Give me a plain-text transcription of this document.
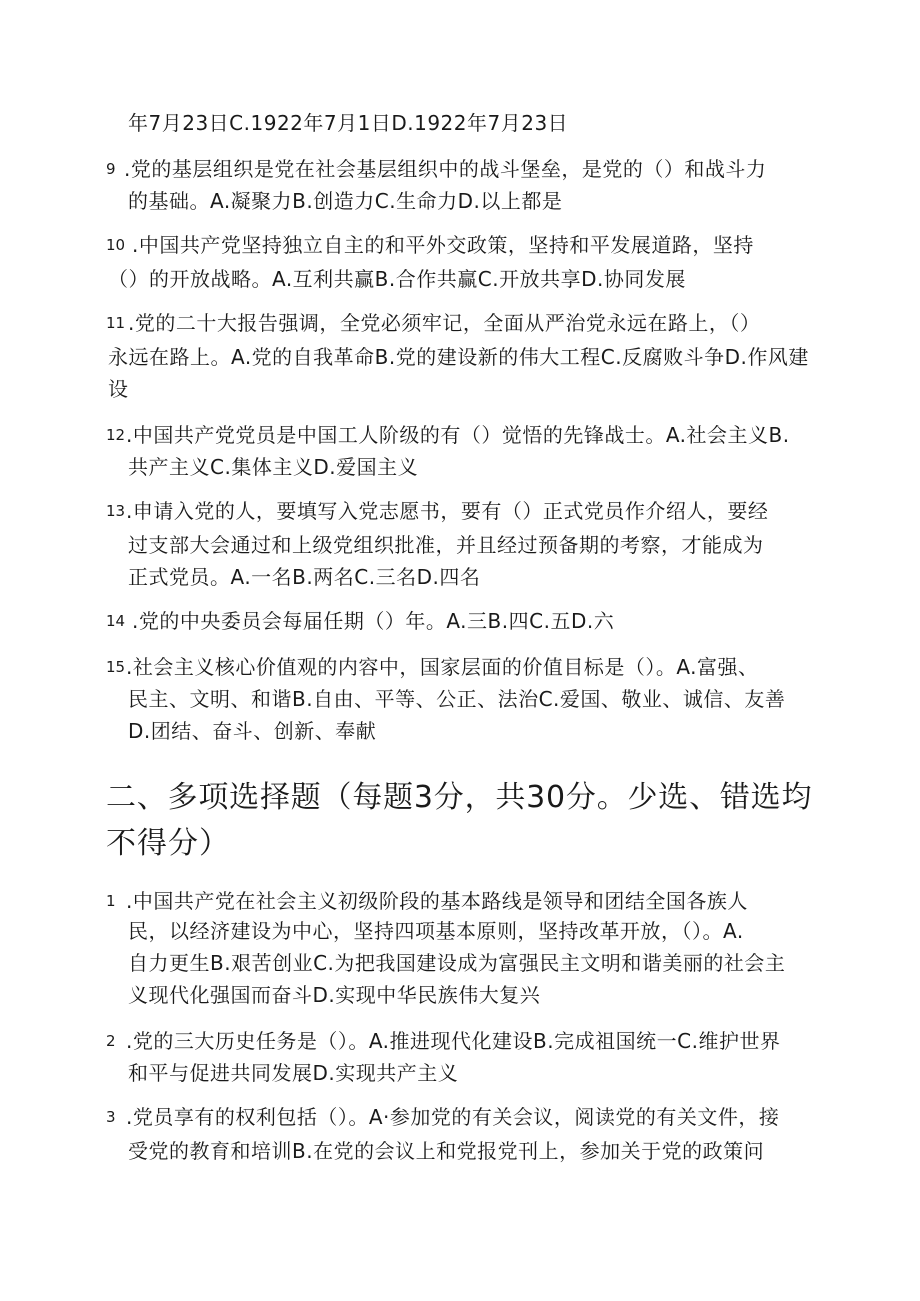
年7月23日C.1922年7月1日D.1922年7月23日
9 .党的基层组织是党在社会基层组织中的战斗堡垒，是党的（）和战斗力
的基础。A.凝聚力B.创造力C.生命力D.以上都是
10 .中国共产党坚持独立自主的和平外交政策，坚持和平发展道路，坚持
（）的开放战略。A.互利共赢B.合作共赢C.开放共享D.协同发展
11 .党的二十大报告强调，全党必须牢记，全面从严治党永远在路上，（）
永远在路上。A.党的自我革命B.党的建设新的伟大工程C.反腐败斗争D.作风建
设
12 .中国共产党党员是中国工人阶级的有（）觉悟的先锋战士。A.社会主义B.
共产主义C.集体主义D.爱国主义
13 .申请入党的人，要填写入党志愿书，要有（）正式党员作介绍人，要经
过支部大会通过和上级党组织批准，并且经过预备期的考察，才能成为
正式党员。A.一名B.两名C.三名D.四名
14 .党的中央委员会每届任期（）年。A.三B.四C.五D.六
15 .社会主义核心价值观的内容中，国家层面的价值目标是（）。A.富强、
民主、文明、和谐B.自由、平等、公正、法治C.爱国、敬业、诚信、友善
D.团结、奋斗、创新、奉献
二、多项选择题（每题3分，共30分。少选、错选均
不得分）
1 .中国共产党在社会主义初级阶段的基本路线是领导和团结全国各族人
民，以经济建设为中心，坚持四项基本原则，坚持改革开放，（）。A.
自力更生B.艰苦创业C.为把我国建设成为富强民主文明和谐美丽的社会主
义现代化强国而奋斗D.实现中华民族伟大复兴
2 .党的三大历史任务是（）。A.推进现代化建设B.完成祖国统一C.维护世界
和平与促进共同发展D.实现共产主义
3 .党员享有的权利包括（）。A·参加党的有关会议，阅读党的有关文件，接
受党的教育和培训B.在党的会议上和党报党刊上，参加关于党的政策问
